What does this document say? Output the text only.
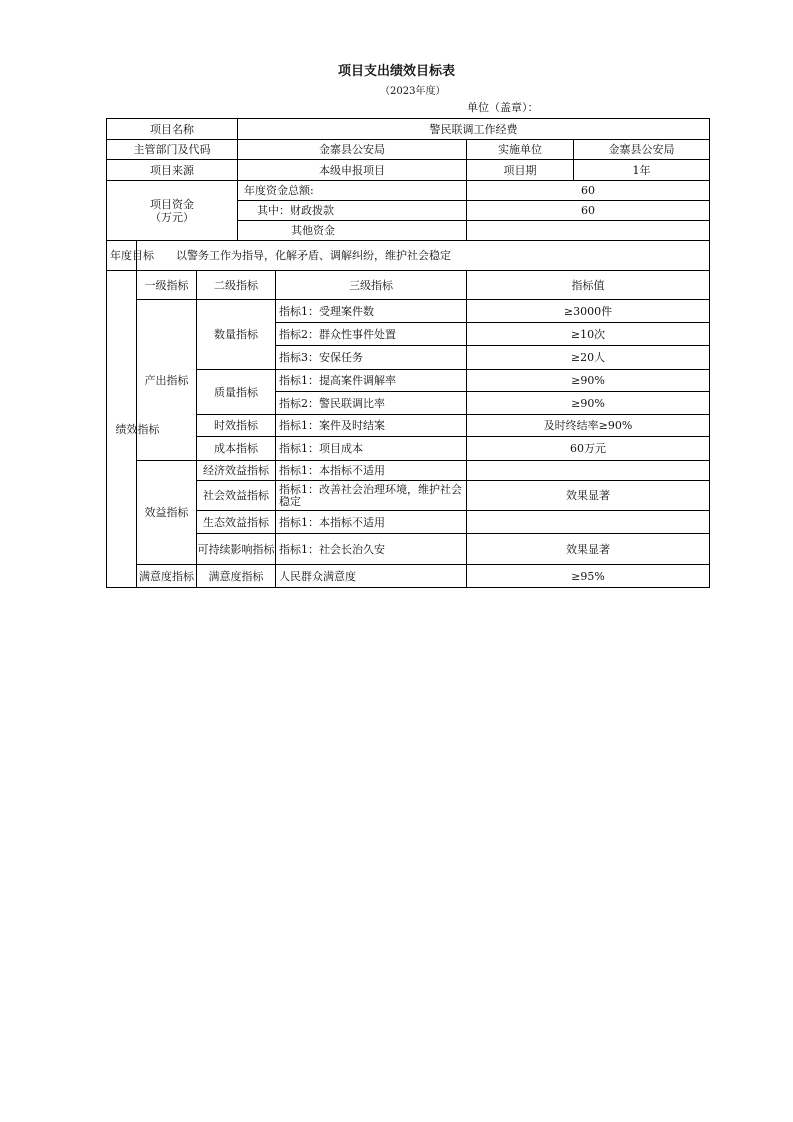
项目支出绩效目标表
（2023年度）
单位（盖章）：
项目名称			警民联调工作经费			
主管部门及代码			金寨县公安局		实施单位	金寨县公安局
项目来源			本级申报项目		项目期	1年

项目资金
（万元）			年度资金总额:		60	
			其中：财政拨款		60	
			其他资金			
年度目标	以警务工作为指导，化解矛盾、调解纠纷，维护社会稳定					
绩效指标	一级指标	二级指标		三级指标	指标值	
	产出指标	数量指标		指标1：受理案件数	≥3000件	
				指标2：群众性事件处置	≥10次	
				指标3：安保任务	≥20人	
		质量指标		指标1：提高案件调解率	≥90%	
				指标2：警民联调比率	≥90%	
		时效指标		指标1：案件及时结案	及时终结率≥90%	
		成本指标		指标1：项目成本	60万元	
	效益指标	经济效益指标		指标1：本指标不适用		
		社会效益指标		指标1：改善社会治理环境，维护社会稳定	效果显著	
		生态效益指标		指标1：本指标不适用		
		可持续影响指标		指标1：社会长治久安	效果显著	
	满意度指标	满意度指标		人民群众满意度	≥95%	
